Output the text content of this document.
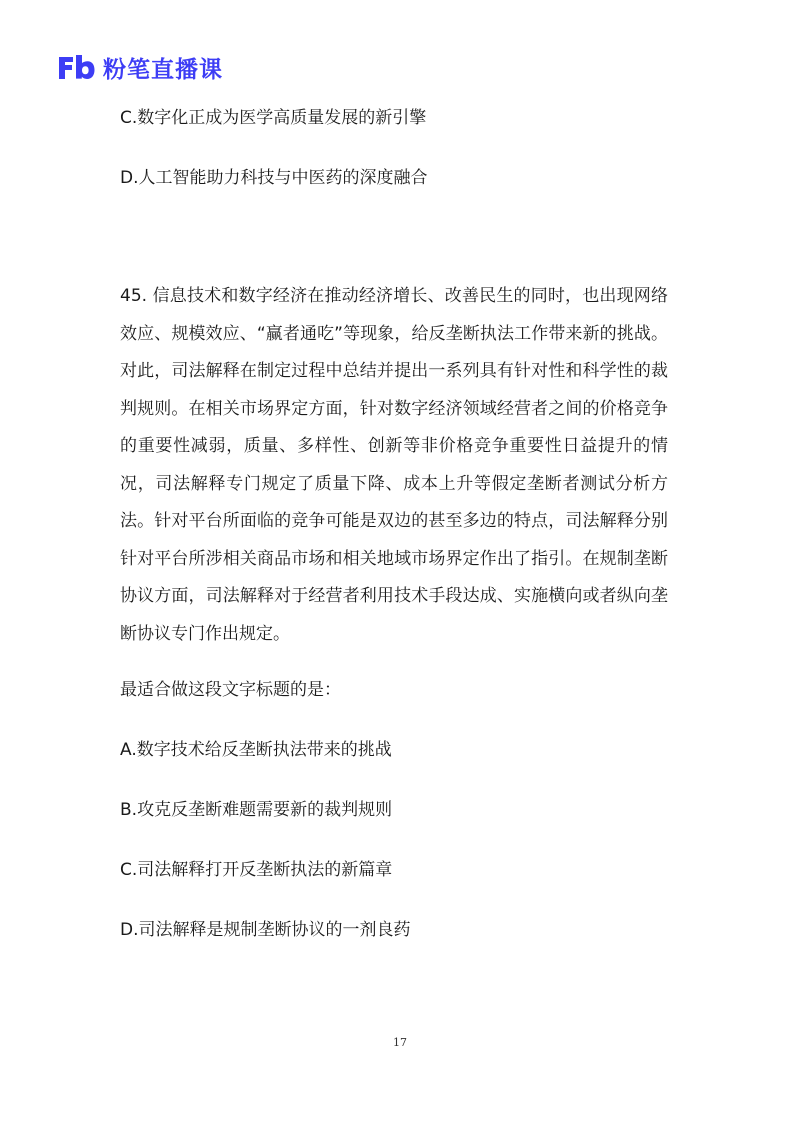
粉笔直播课

C.数字化正成为医学高质量发展的新引擎

D.人工智能助力科技与中医药的深度融合

45. 信息技术和数字经济在推动经济增长、改善民生的同时，也出现网络效应、规模效应、“赢者通吃”等现象，给反垄断执法工作带来新的挑战。对此，司法解释在制定过程中总结并提出一系列具有针对性和科学性的裁判规则。在相关市场界定方面，针对数字经济领域经营者之间的价格竞争的重要性减弱，质量、多样性、创新等非价格竞争重要性日益提升的情况，司法解释专门规定了质量下降、成本上升等假定垄断者测试分析方法。针对平台所面临的竞争可能是双边的甚至多边的特点，司法解释分别针对平台所涉相关商品市场和相关地域市场界定作出了指引。在规制垄断协议方面，司法解释对于经营者利用技术手段达成、实施横向或者纵向垄断协议专门作出规定。

最适合做这段文字标题的是：

A.数字技术给反垄断执法带来的挑战

B.攻克反垄断难题需要新的裁判规则

C.司法解释打开反垄断执法的新篇章

D.司法解释是规制垄断协议的一剂良药

17
